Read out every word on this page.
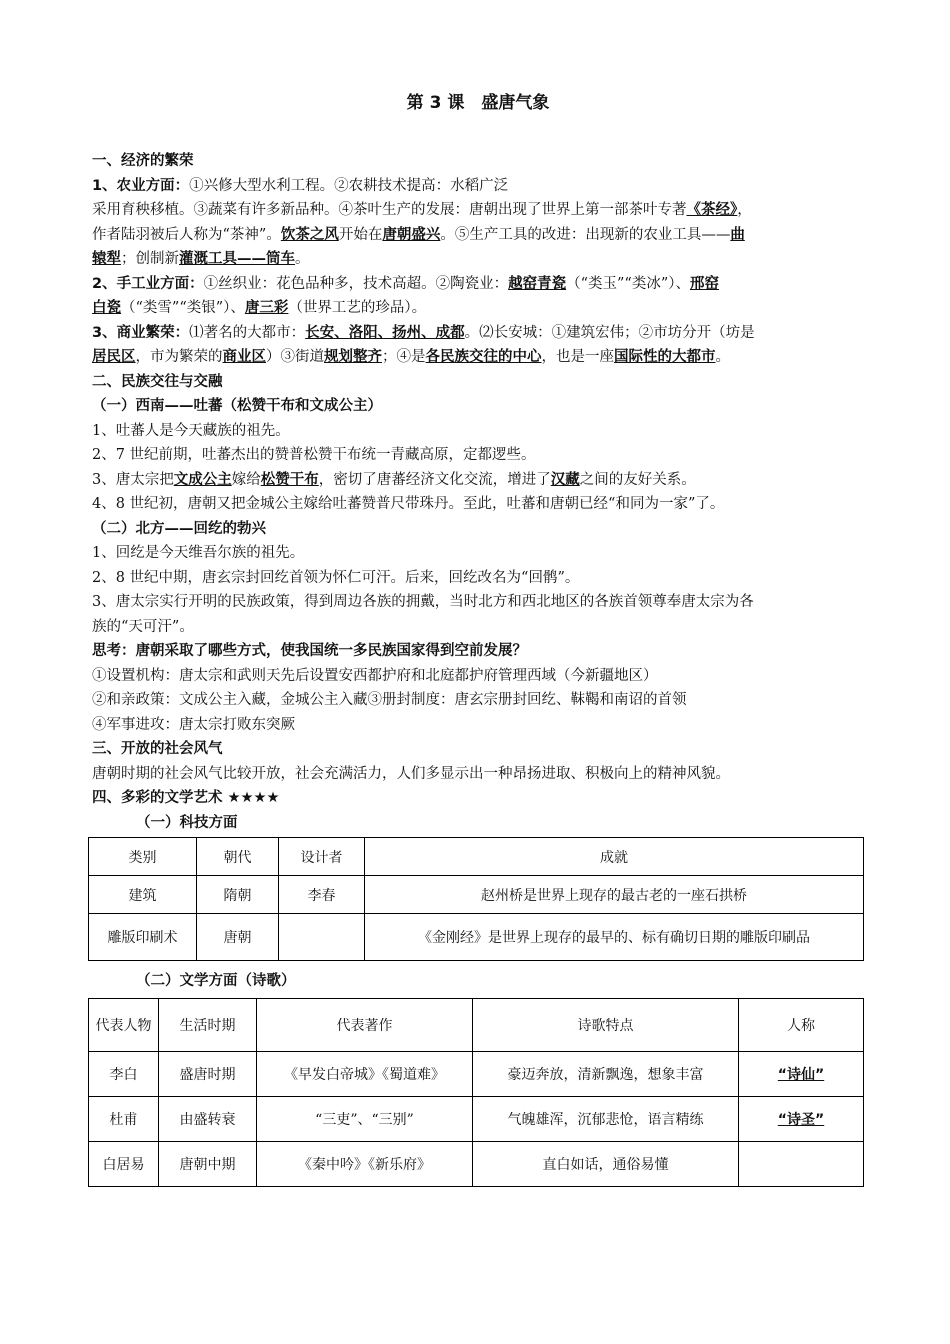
第 3 课　盛唐气象

一、经济的繁荣

1、农业方面：①兴修大型水利工程。②农耕技术提高：水稻广泛

采用育秧移植。③蔬菜有许多新品种。④茶叶生产的发展：唐朝出现了世界上第一部茶叶专著《茶经》，

作者陆羽被后人称为“茶神”。饮茶之风开始在唐朝盛兴。⑤生产工具的改进：出现新的农业工具——曲

辕犁；创制新灌溉工具——筒车。

2、手工业方面：①丝织业：花色品种多，技术高超。②陶瓷业：越窑青瓷（“类玉”“类冰”）、邢窑

白瓷（“类雪”“类银”）、唐三彩（世界工艺的珍品）。

3、商业繁荣：⑴著名的大都市：长安、洛阳、扬州、成都。⑵长安城：①建筑宏伟；②市坊分开（坊是

居民区，市为繁荣的商业区）③街道规划整齐；④是各民族交往的中心，也是一座国际性的大都市。

二、民族交往与交融

（一）西南——吐蕃（松赞干布和文成公主）

1、吐蕃人是今天藏族的祖先。

2、7 世纪前期，吐蕃杰出的赞普松赞干布统一青藏高原，定都逻些。

3、唐太宗把文成公主嫁给松赞干布，密切了唐蕃经济文化交流，增进了汉藏之间的友好关系。

4、8 世纪初，唐朝又把金城公主嫁给吐蕃赞普尺带珠丹。至此，吐蕃和唐朝已经“和同为一家”了。

（二）北方——回纥的勃兴

1、回纥是今天维吾尔族的祖先。

2、8 世纪中期，唐玄宗封回纥首领为怀仁可汗。后来，回纥改名为“回鹘”。

3、唐太宗实行开明的民族政策，得到周边各族的拥戴，当时北方和西北地区的各族首领尊奉唐太宗为各

族的“天可汗”。

思考：唐朝采取了哪些方式，使我国统一多民族国家得到空前发展？

①设置机构：唐太宗和武则天先后设置安西都护府和北庭都护府管理西域（今新疆地区）

②和亲政策：文成公主入藏，金城公主入藏③册封制度：唐玄宗册封回纥、靺鞨和南诏的首领

④军事进攻：唐太宗打败东突厥

三、开放的社会风气

唐朝时期的社会风气比较开放，社会充满活力，人们多显示出一种昂扬进取、积极向上的精神风貌。

四、多彩的文学艺术 ★★★★

（一）科技方面

类别	朝代	设计者	成就
建筑	隋朝	李春	赵州桥是世界上现存的最古老的一座石拱桥
雕版印刷术	唐朝		《金刚经》是世界上现存的最早的、标有确切日期的雕版印刷品

（二）文学方面（诗歌）

代表人物	生活时期	代表著作	诗歌特点	人称
李白	盛唐时期	《早发白帝城》《蜀道难》	豪迈奔放，清新飘逸，想象丰富	“诗仙”
杜甫	由盛转衰	“三吏”、“三别”	气魄雄浑，沉郁悲怆，语言精练	“诗圣”
白居易	唐朝中期	《秦中吟》《新乐府》	直白如话，通俗易懂	
